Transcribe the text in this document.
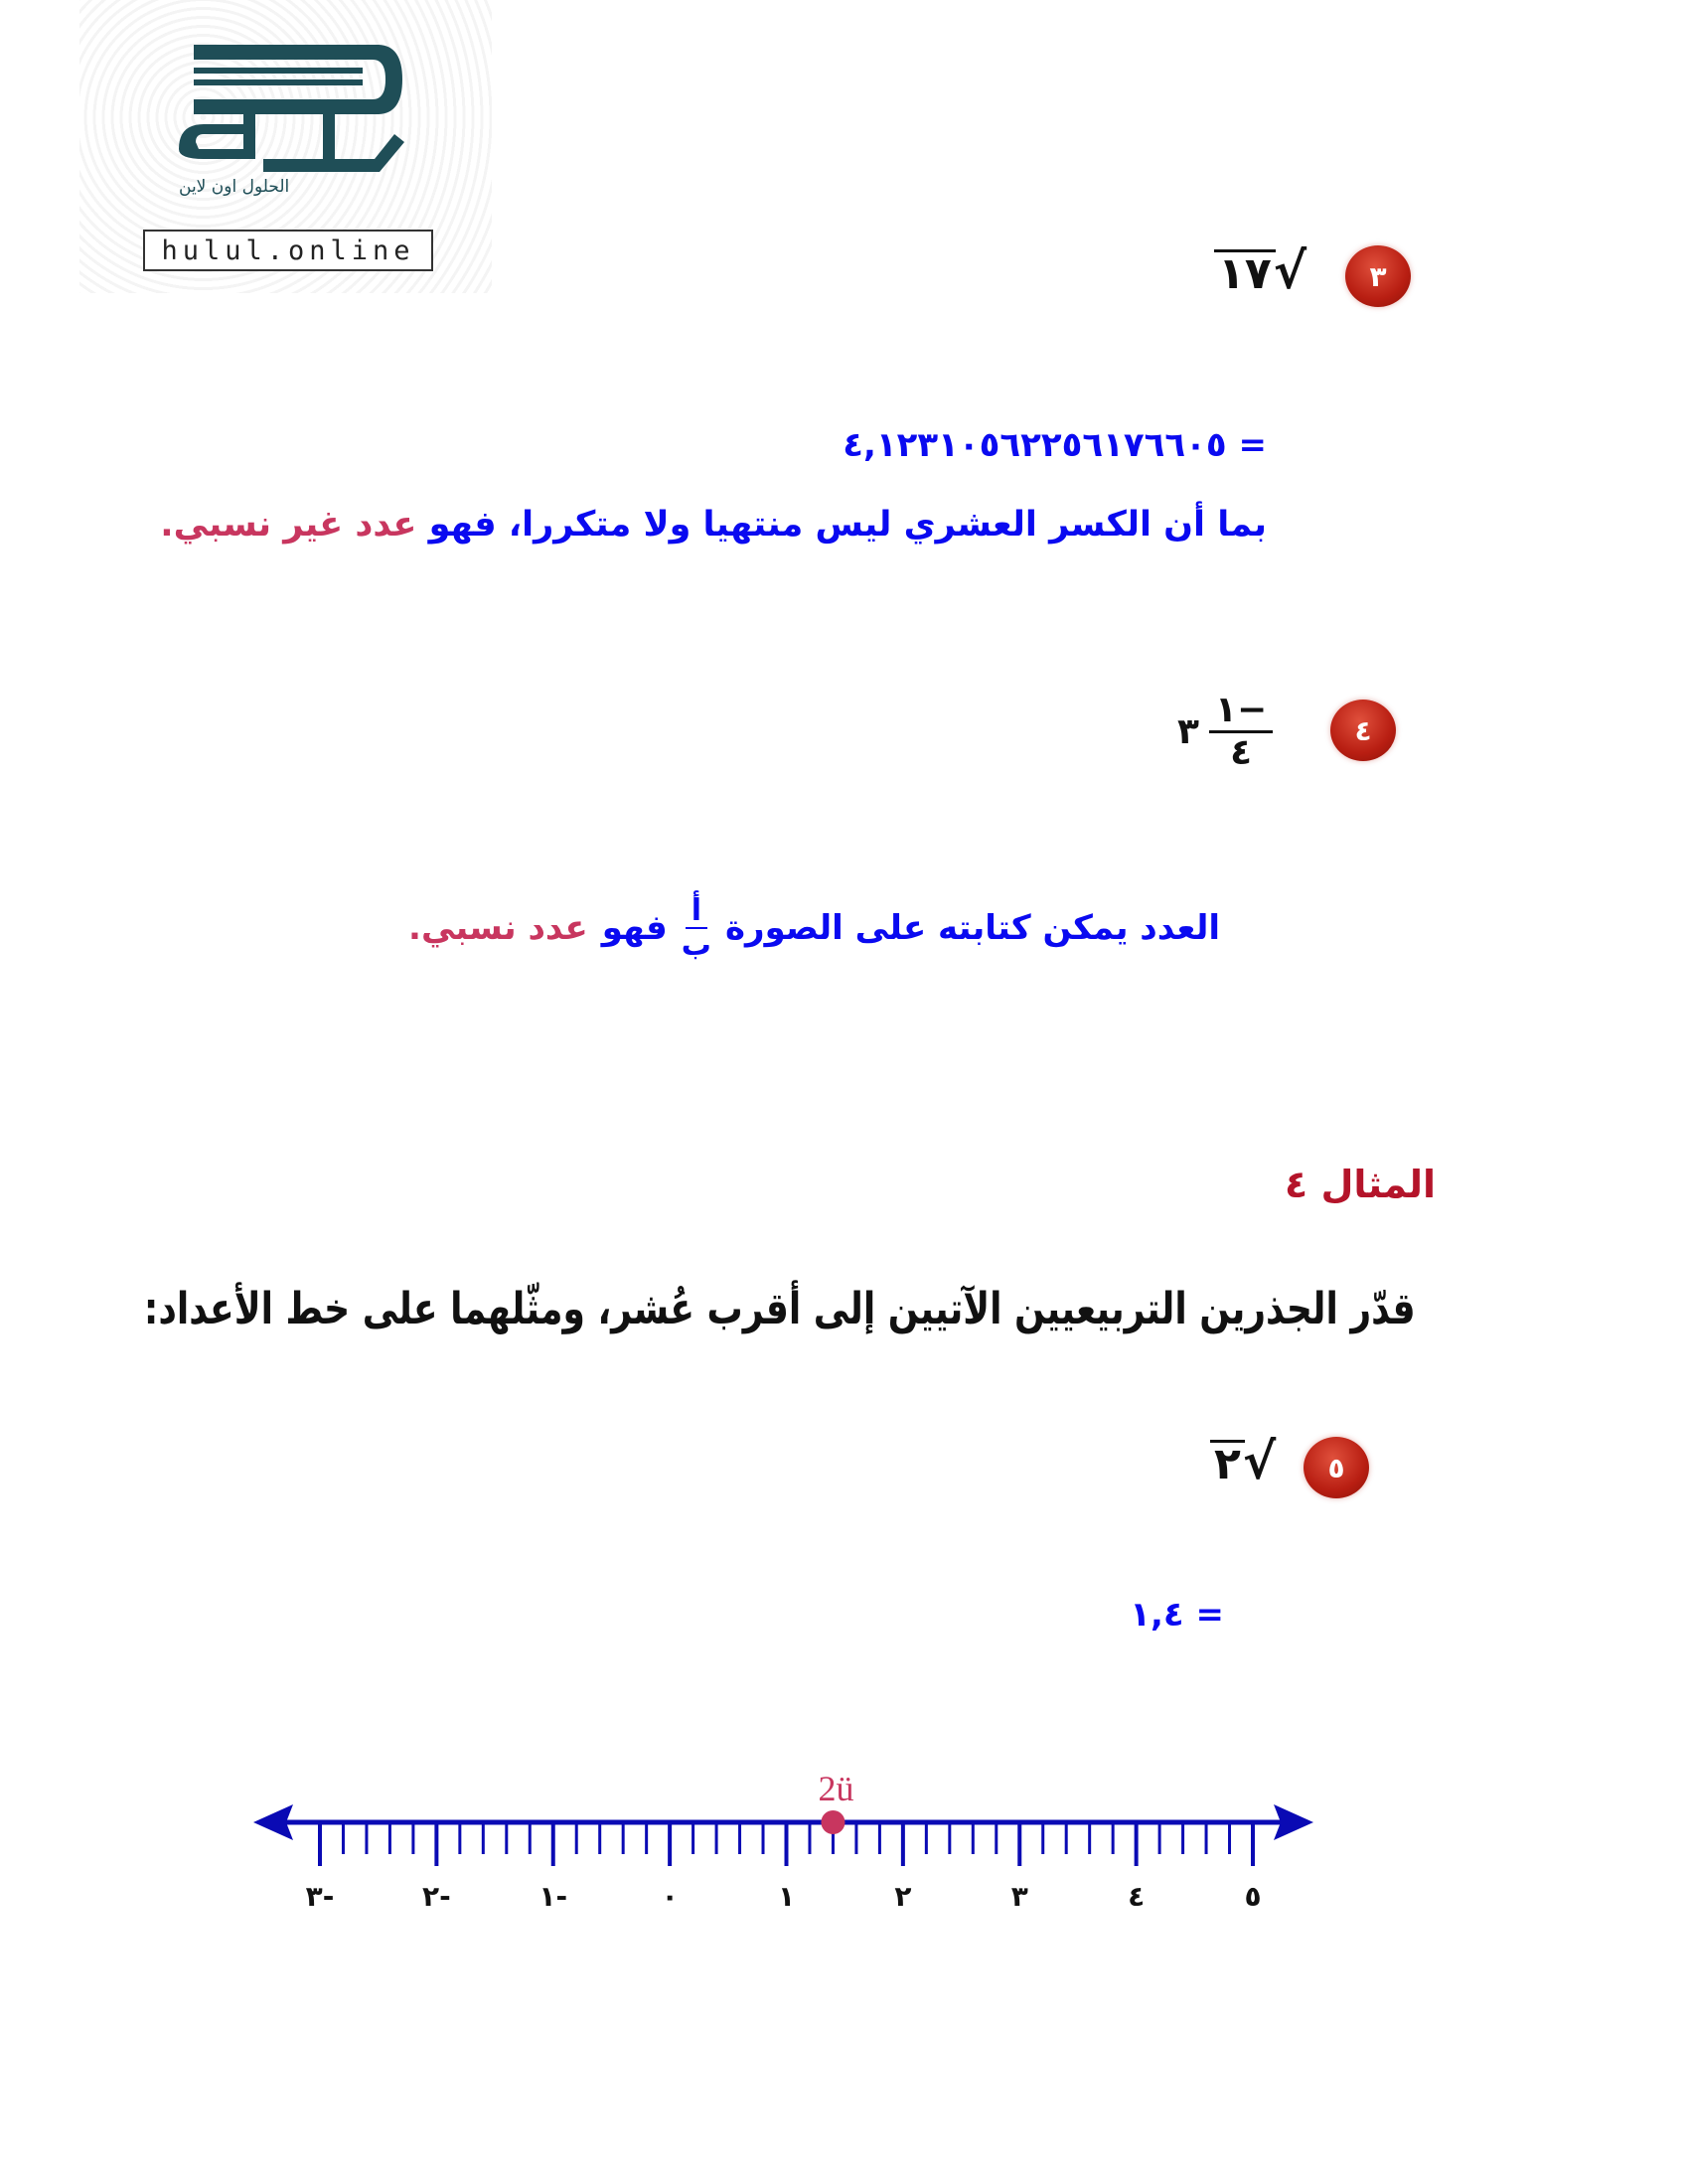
hulul.online
الحلول اون لاين
٣
١٧ √
= ٤,١٢٣١٠٥٦٢٢٥٦١٧٦٦٠٥
بما أن الكسر العشري ليس منتهيا ولا متكررا، فهو عدد غير نسبي.
٤
٣ $\frac{١-}{٤}$
العدد يمكن كتابته على الصورة
$\frac{\text{أ}}{\text{ب}}$
فهو
عدد نسبي.
المثال ٤
قدّر الجذرين التربيعيين الآتيين إلى أقرب عُشر، ومثّلهما على خط الأعداد:
٥
٢ √
= ١,٤
٣-	٢-	١-	٠	١	٢	٣	٤	٥
2ü
